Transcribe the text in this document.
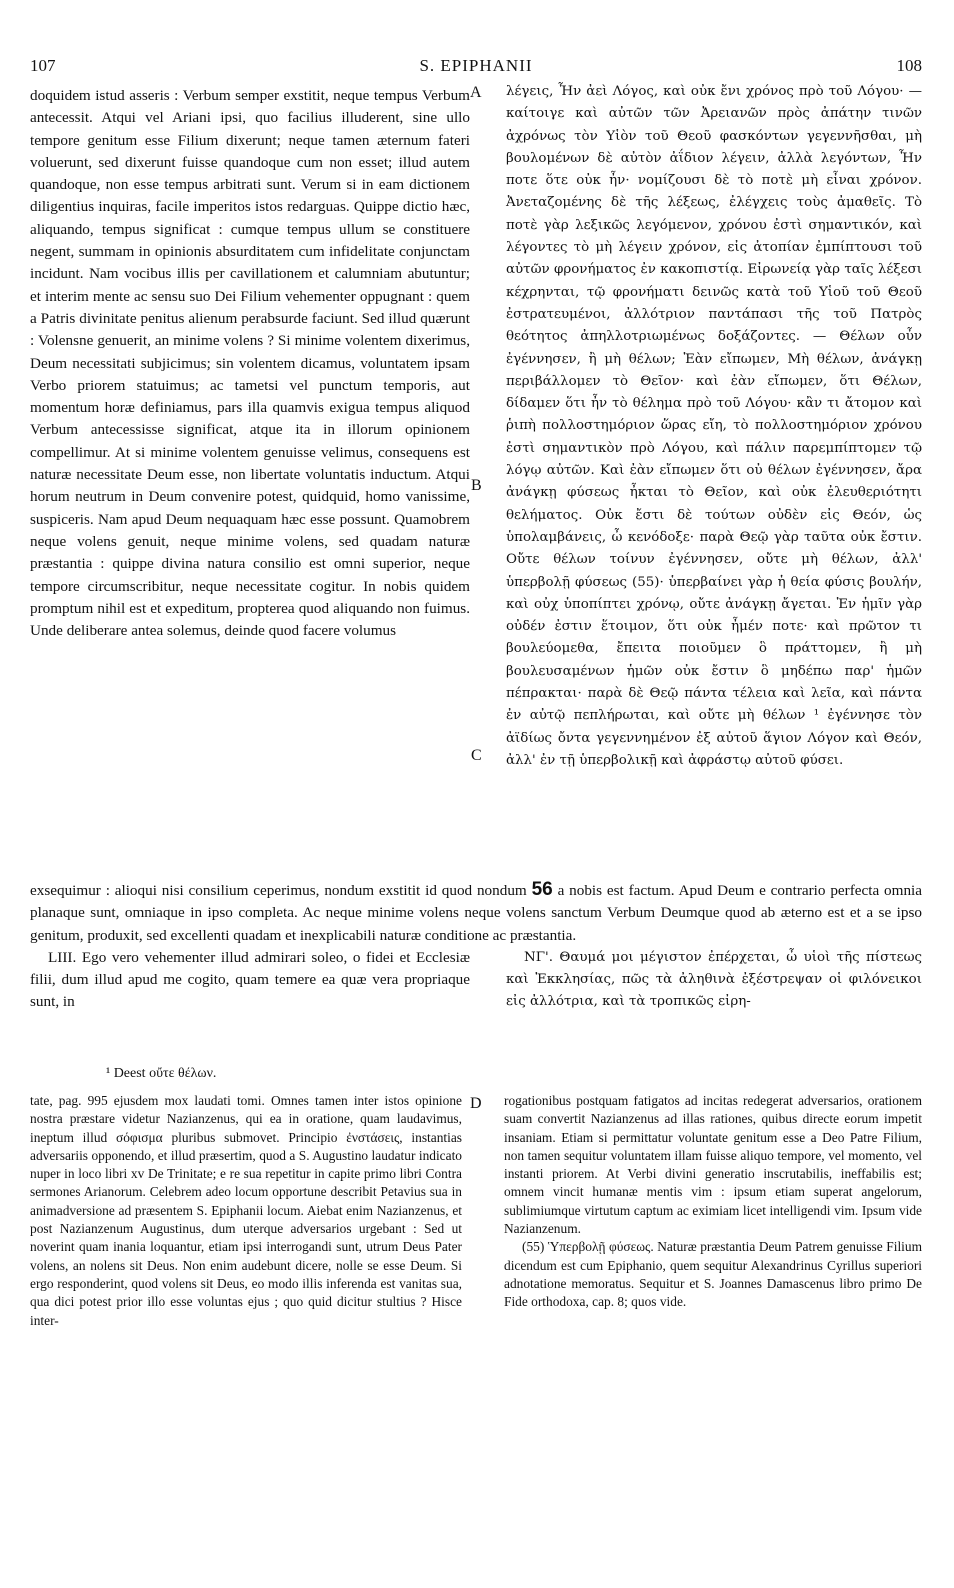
107	S. EPIPHANII	108
A
B
C
D

doquidem istud asseris : Verbum semper exstitit, neque tempus Verbum antecessit. Atqui vel Ariani ipsi, quo facilius illuderent, sine ullo tempore genitum esse Filium dixerunt; neque tamen æternum fateri voluerunt, sed dixerunt fuisse quandoque cum non esset; illud autem quandoque, non esse tempus arbitrati sunt. Verum si in eam dictionem diligentius inquiras, facile imperitos istos redarguas. Quippe dictio hæc, aliquando, tempus significat : cumque tempus ullum se constituere negent, summam in opinionis absurditatem cum infidelitate conjunctam incidunt. Nam vocibus illis per cavillationem et calumniam abutuntur; et interim mente ac sensu suo Dei Filium vehementer oppugnant : quem a Patris divinitate penitus alienum perabsurde faciunt. Sed illud quærunt : Volensne genuerit, an minime volens ? Si minime volentem dixerimus, Deum necessitati subjicimus; sin volentem dicamus, voluntatem ipsam Verbo priorem statuimus; ac tametsi vel punctum temporis, aut momentum horæ definiamus, pars illa quamvis exigua tempus aliquod Verbum antecessisse significat, atque ita in illorum opinionem compellimur. At si minime volentem genuisse velimus, consequens est naturæ necessitate Deum esse, non libertate voluntatis inductum. Atqui horum neutrum in Deum convenire potest, quidquid, homo vanissime, suspiceris. Nam apud Deum nequaquam hæc esse possunt. Quamobrem neque volens genuit, neque minime volens, sed quadam naturæ præstantia : quippe divina natura consilio est omni superior, neque tempore circumscribitur, neque necessitate cogitur. In nobis quidem promptum nihil est et expeditum, propterea quod aliquando non fuimus. Unde deliberare antea solemus, deinde quod facere volumus

λέγεις, Ἦν ἀεὶ Λόγος, καὶ οὐκ ἔνι χρόνος πρὸ τοῦ Λόγου· — καίτοιγε καὶ αὐτῶν τῶν Ἀρειανῶν πρὸς ἀπάτην τινῶν ἀχρόνως τὸν Υἱὸν τοῦ Θεοῦ φασκόντων γεγεννῆσθαι, μὴ βουλομένων δὲ αὐτὸν ἀΐδιον λέγειν, ἀλλὰ λεγόντων, Ἦν ποτε ὅτε οὐκ ἦν· νομίζουσι δὲ τὸ ποτὲ μὴ εἶναι χρόνον. Ἀνεταζομένης δὲ τῆς λέξεως, ἐλέγχεις τοὺς ἀμαθεῖς. Τὸ ποτὲ γὰρ λεξικῶς λεγόμενον, χρόνου ἐστὶ σημαντικόν, καὶ λέγοντες τὸ μὴ λέγειν χρόνον, εἰς ἀτοπίαν ἐμπίπτουσι τοῦ αὐτῶν φρονήματος ἐν κακοπιστίᾳ. Εἰρωνείᾳ γὰρ ταῖς λέξεσι κέχρηνται, τῷ φρονήματι δεινῶς κατὰ τοῦ Υἱοῦ τοῦ Θεοῦ ἐστρατευμένοι, ἀλλότριον παντάπασι τῆς τοῦ Πατρὸς θεότητος ἀπηλλοτριωμένως δοξάζοντες. — Θέλων οὖν ἐγέννησεν, ἢ μὴ θέλων; Ἐὰν εἴπωμεν, Μὴ θέλων, ἀνάγκῃ περιβάλλομεν τὸ Θεῖον· καὶ ἐὰν εἴπωμεν, ὅτι Θέλων, δίδαμεν ὅτι ἦν τὸ θέλημα πρὸ τοῦ Λόγου· κἂν τι ἄτομον καὶ ῥιπὴ πολλοστημόριον ὥρας εἴη, τὸ πολλοστημόριον χρόνου ἐστὶ σημαντικὸν πρὸ Λόγου, καὶ πάλιν παρεμπίπτομεν τῷ λόγῳ αὐτῶν. Καὶ ἐὰν εἴπωμεν ὅτι οὐ θέλων ἐγέννησεν, ἄρα ἀνάγκῃ φύσεως ἦκται τὸ Θεῖον, καὶ οὐκ ἐλευθεριότητι θελήματος. Οὐκ ἔστι δὲ τούτων οὐδὲν εἰς Θεόν, ὡς ὑπολαμβάνεις, ὦ κενόδοξε· παρὰ Θεῷ γὰρ ταῦτα οὐκ ἔστιν. Οὔτε θέλων τοίνυν ἐγέννησεν, οὔτε μὴ θέλων, ἀλλ' ὑπερβολῇ φύσεως (55)· ὑπερβαίνει γὰρ ἡ θεία φύσις βουλήν, καὶ οὐχ ὑποπίπτει χρόνῳ, οὔτε ἀνάγκῃ ἄγεται. Ἐν ἡμῖν γὰρ οὐδέν ἐστιν ἕτοιμον, ὅτι οὐκ ἦμέν ποτε· καὶ πρῶτον τι βουλεύομεθα, ἔπειτα ποιοῦμεν ὃ πράττομεν, ἢ μὴ βουλευσαμένων ἡμῶν οὐκ ἔστιν ὃ μηδέπω παρ' ἡμῶν πέπρακται· παρὰ δὲ Θεῷ πάντα τέλεια καὶ λεῖα, καὶ πάντα ἐν αὐτῷ πεπλήρωται, καὶ οὔτε μὴ θέλων ¹ ἐγέννησε τὸν ἀϊδίως ὄντα γεγεννημένον ἐξ αὐτοῦ ἅγιον Λόγον καὶ Θεόν, ἀλλ' ἐν τῇ ὑπερβολικῇ καὶ ἀφράστῳ αὐτοῦ φύσει.

exsequimur : alioqui nisi consilium ceperimus, nondum exstitit id quod nondum 56 a nobis est factum. Apud Deum e contrario perfecta omnia planaque sunt, omniaque in ipso completa. Ac neque minime volens neque volens sanctum Verbum Deumque quod ab æterno est et a se ipso genitum, produxit, sed excellenti quadam et inexplicabili naturæ conditione ac præstantia.

LIII. Ego vero vehementer illud admirari soleo, o fidei et Ecclesiæ filii, dum illud apud me cogito, quam temere ea quæ vera propriaque sunt, in

ΝΓ'. Θαυμά μοι μέγιστον ἐπέρχεται, ὦ υἱοὶ τῆς πίστεως καὶ Ἐκκλησίας, πῶς τὰ ἀληθινὰ ἐξέστρεψαν οἱ φιλόνεικοι εἰς ἀλλότρια, καὶ τὰ τροπικῶς εἰρη-

¹ Deest οὔτε θέλων.

tate, pag. 995 ejusdem mox laudati tomi. Omnes tamen inter istos opinione nostra præstare videtur Nazianzenus, qui ea in oratione, quam laudavimus, ineptum illud σόφισμα pluribus submovet. Principio ἐνστάσεις, instantias adversariis opponendo, et illud præsertim, quod a S. Augustino laudatur indicato nuper in loco libri xv De Trinitate; e re sua repetitur in capite primo libri Contra sermones Arianorum. Celebrem adeo locum opportune describit Petavius sua in animadversione ad præsentem S. Epiphanii locum. Aiebat enim Nazianzenus, et post Nazianzenum Augustinus, dum uterque adversarios urgebant : Sed ut noverint quam inania loquantur, etiam ipsi interrogandi sunt, utrum Deus Pater volens, an nolens sit Deus. Non enim audebunt dicere, nolle se esse Deum. Si ergo responderint, quod volens sit Deus, eo modo illis inferenda est vanitas sua, qua dici potest prior illo esse voluntas ejus ; quo quid dicitur stultius ? Hisce inter-

rogationibus postquam fatigatos ad incitas redegerat adversarios, orationem suam convertit Nazianzenus ad illas rationes, quibus directe eorum impetit insaniam. Etiam si permittatur voluntate genitum esse a Deo Patre Filium, non tamen sequitur voluntatem illam fuisse aliquo tempore, vel momento, vel instanti priorem. At Verbi divini generatio inscrutabilis, ineffabilis est; omnem vincit humanæ mentis vim : ipsum etiam superat angelorum, sublimiumque virtutum captum ac eximiam licet intelligendi vim. Ipsum vide Nazianzenum.

(55) Ὑπερβολῇ φύσεως. Naturæ præstantia Deum Patrem genuisse Filium dicendum est cum Epiphanio, quem sequitur Alexandrinus Cyrillus superiori adnotatione memoratus. Sequitur et S. Joannes Damascenus libro primo De Fide orthodoxa, cap. 8; quos vide.
